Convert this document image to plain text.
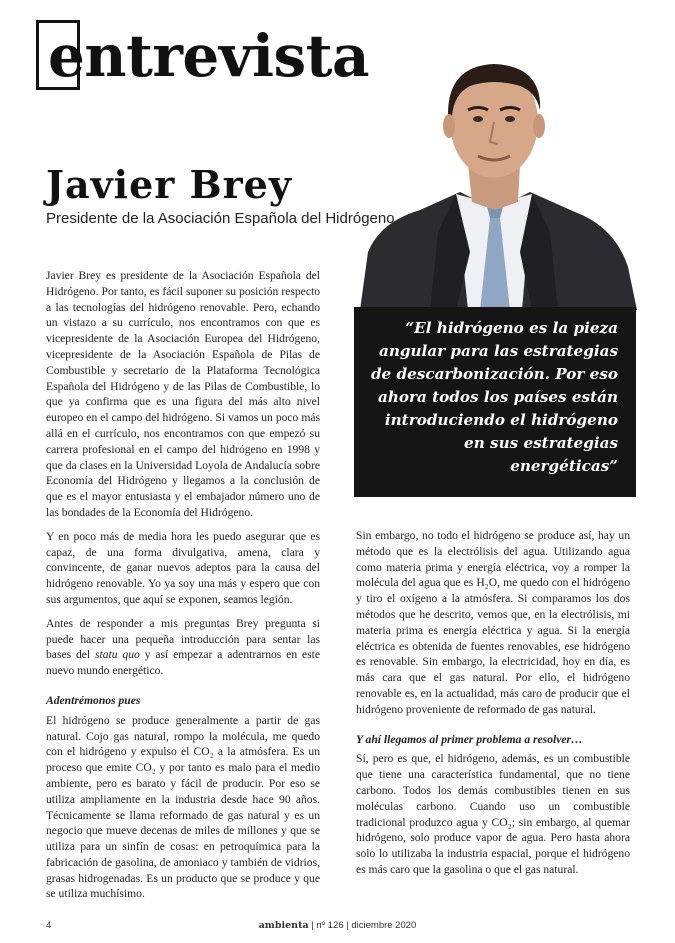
entrevista
Javier Brey
Presidente de la Asociación Española del Hidrógeno
“El hidrógeno es la pieza angular para las estrategias de descarbonización. Por eso ahora todos los países están introduciendo el hidrógeno en sus estrategias energéticas”

Javier Brey es presidente de la Asociación Española del Hidrógeno. Por tanto, es fácil suponer su posición respecto a las tecnologías del hidrógeno renovable. Pero, echando un vistazo a su currículo, nos encontramos con que es vicepresidente de la Asociación Europea del Hidrógeno, vicepresidente de la Asociación Española de Pilas de Combustible y secretario de la Plataforma Tecnológica Española del Hidrógeno y de las Pilas de Combustible, lo que ya confirma que es una figura del más alto nivel europeo en el campo del hidrógeno. Si vamos un poco más allá en el currículo, nos encontramos con que empezó su carrera profesional en el campo del hidrógeno en 1998 y que da clases en la Universidad Loyola de Andalucía sobre Economía del Hidrógeno y llegamos a la conclusión de que es el mayor entusiasta y el embajador número uno de las bondades de la Economía del Hidrógeno.

Y en poco más de media hora les puedo asegurar que es capaz, de una forma divulgativa, amena, clara y convincente, de ganar nuevos adeptos para la causa del hidrógeno renovable. Yo ya soy una más y espero que con sus argumentos, que aquí se exponen, seamos legión.

Antes de responder a mis preguntas Brey pregunta si puede hacer una pequeña introducción para sentar las bases del statu quo y así empezar a adentrarnos en este nuevo mundo energético.

Adentrémonos pues

El hidrógeno se produce generalmente a partir de gas natural. Cojo gas natural, rompo la molécula, me quedo con el hidrógeno y expulso el CO₂ a la atmósfera. Es un proceso que emite CO₂ y por tanto es malo para el medio ambiente, pero es barato y fácil de producir. Por eso se utiliza ampliamente en la industria desde hace 90 años. Técnicamente se llama reformado de gas natural y es un negocio que mueve decenas de miles de millones y que se utiliza para un sinfín de cosas: en petroquímica para la fabricación de gasolina, de amoniaco y también de vidrios, grasas hidrogenadas. Es un producto que se produce y que se utiliza muchísimo.

Sin embargo, no todo el hidrógeno se produce así, hay un método que es la electrólisis del agua. Utilizando agua como materia prima y energía eléctrica, voy a romper la molécula del agua que es H₂O, me quedo con el hidrógeno y tiro el oxígeno a la atmósfera. Si comparamos los dos métodos que he descrito, vemos que, en la electrólisis, mi materia prima es energía eléctrica y agua. Si la energía eléctrica es obtenida de fuentes renovables, ese hidrógeno es renovable. Sin embargo, la electricidad, hoy en día, es más cara que el gas natural. Por ello, el hidrógeno renovable es, en la actualidad, más caro de producir que el hidrógeno proveniente de reformado de gas natural.

Y ahí llegamos al primer problema a resolver…

Sí, pero es que, el hidrógeno, además, es un combustible que tiene una característica fundamental, que no tiene carbono. Todos los demás combustibles tienen en sus moléculas carbono. Cuando uso un combustible tradicional produzco agua y CO₂; sin embargo, al quemar hidrógeno, solo produce vapor de agua. Pero hasta ahora solo lo utilizaba la industria espacial, porque el hidrógeno es más caro que la gasolina o que el gas natural.

4	ambienta | nº 126 | diciembre 2020
